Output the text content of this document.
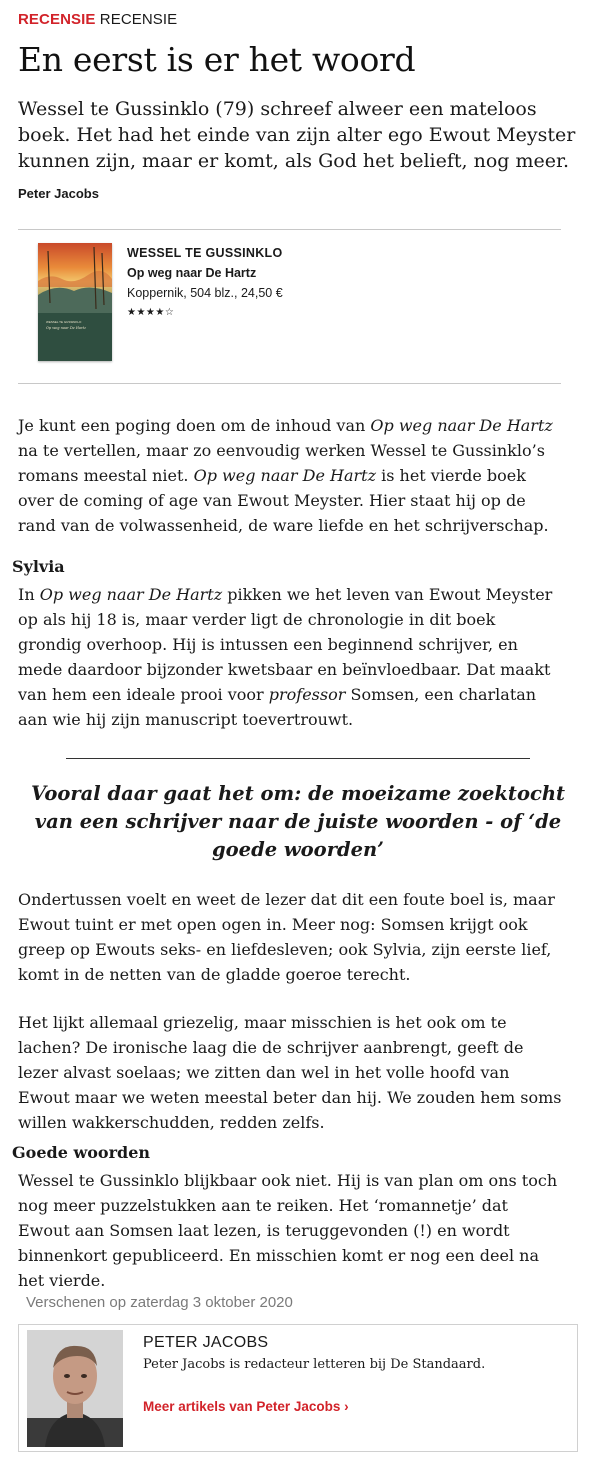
RECENSIE RECENSIE
En eerst is er het woord

Wessel te Gussinklo (79) schreef alweer een mateloos boek. Het had het einde van zijn alter ego Ewout Meyster kunnen zijn, maar er komt, als God het belieft, nog meer.

Peter Jacobs
WESSEL TE GUSSINKLO
Op weg naar De Hartz
WESSEL TE GUSSINKLO
Op weg naar De Hartz
Koppernik, 504 blz., 24,50 €
★★★★☆

Je kunt een poging doen om de inhoud van Op weg naar De Hartz na te vertellen, maar zo eenvoudig werken Wessel te Gussinklo’s romans meestal niet. Op weg naar De Hartz is het vierde boek over de coming of age van Ewout Meyster. Hier staat hij op de rand van de volwassenheid, de ware liefde en het schrijverschap.

Sylvia

In Op weg naar De Hartz pikken we het leven van Ewout Meyster op als hij 18 is, maar verder ligt de chronologie in dit boek grondig overhoop. Hij is intussen een beginnend schrijver, en mede daardoor bijzonder kwetsbaar en beïnvloedbaar. Dat maakt van hem een ideale prooi voor professor Somsen, een charlatan aan wie hij zijn manuscript toevertrouwt.

Vooral daar gaat het om: de moeizame zoektocht van een schrijver naar de juiste woorden - of ‘de goede woorden’

Ondertussen voelt en weet de lezer dat dit een foute boel is, maar Ewout tuint er met open ogen in. Meer nog: Somsen krijgt ook greep op Ewouts seks- en liefdesleven; ook Sylvia, zijn eerste lief, komt in de netten van de gladde goeroe terecht.

Het lijkt allemaal griezelig, maar misschien is het ook om te lachen? De ironische laag die de schrijver aanbrengt, geeft de lezer alvast soelaas; we zitten dan wel in het volle hoofd van Ewout maar we weten meestal beter dan hij. We zouden hem soms willen wakkerschudden, redden zelfs.

Goede woorden

Wessel te Gussinklo blijkbaar ook niet. Hij is van plan om ons toch nog meer puzzelstukken aan te reiken. Het ‘romannetje’ dat Ewout aan Somsen laat lezen, is teruggevonden (!) en wordt binnenkort gepubliceerd. En misschien komt er nog een deel na het vierde.

Verschenen op zaterdag 3 oktober 2020
PETER JACOBS
Peter Jacobs is redacteur letteren bij De Standaard.
Meer artikels van Peter Jacobs ›
